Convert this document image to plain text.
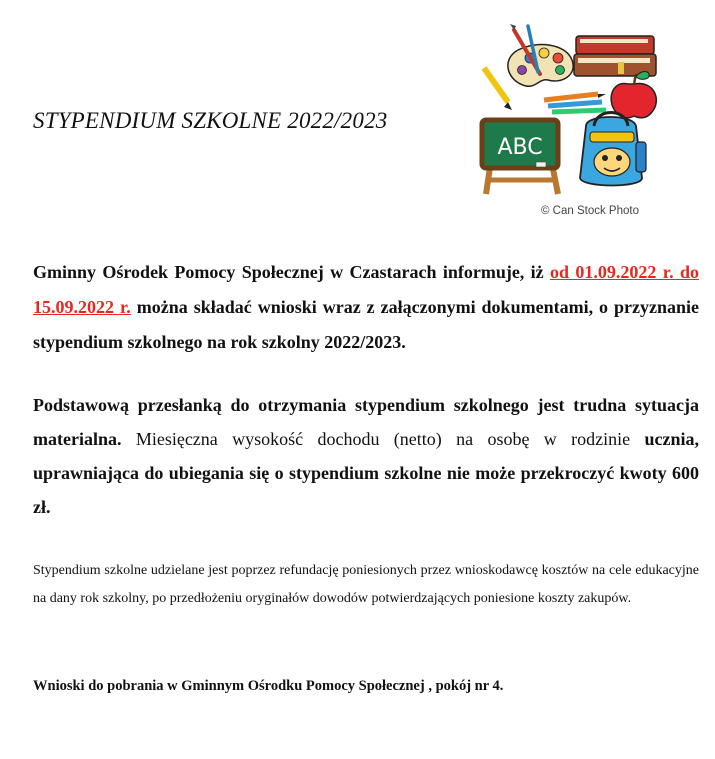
STYPENDIUM SZKOLNE 2022/2023
ABC
© Can Stock Photo

Gminny Ośrodek Pomocy Społecznej w Czastarach informuje, iż od 01.09.2022 r. do 15.09.2022 r. można składać wnioski wraz z załączonymi dokumentami, o przyznanie stypendium szkolnego na rok szkolny 2022/2023.

Podstawową przesłanką do otrzymania stypendium szkolnego jest trudna sytuacja materialna. Miesięczna wysokość dochodu (netto) na osobę w rodzinie ucznia, uprawniająca do ubiegania się o stypendium szkolne nie może przekroczyć kwoty 600 zł.

Stypendium szkolne udzielane jest poprzez refundację poniesionych przez wnioskodawcę kosztów na cele edukacyjne na dany rok szkolny, po przedłożeniu oryginałów dowodów potwierdzających poniesione koszty zakupów.

Wnioski do pobrania w Gminnym Ośrodku Pomocy Społecznej , pokój nr 4.
